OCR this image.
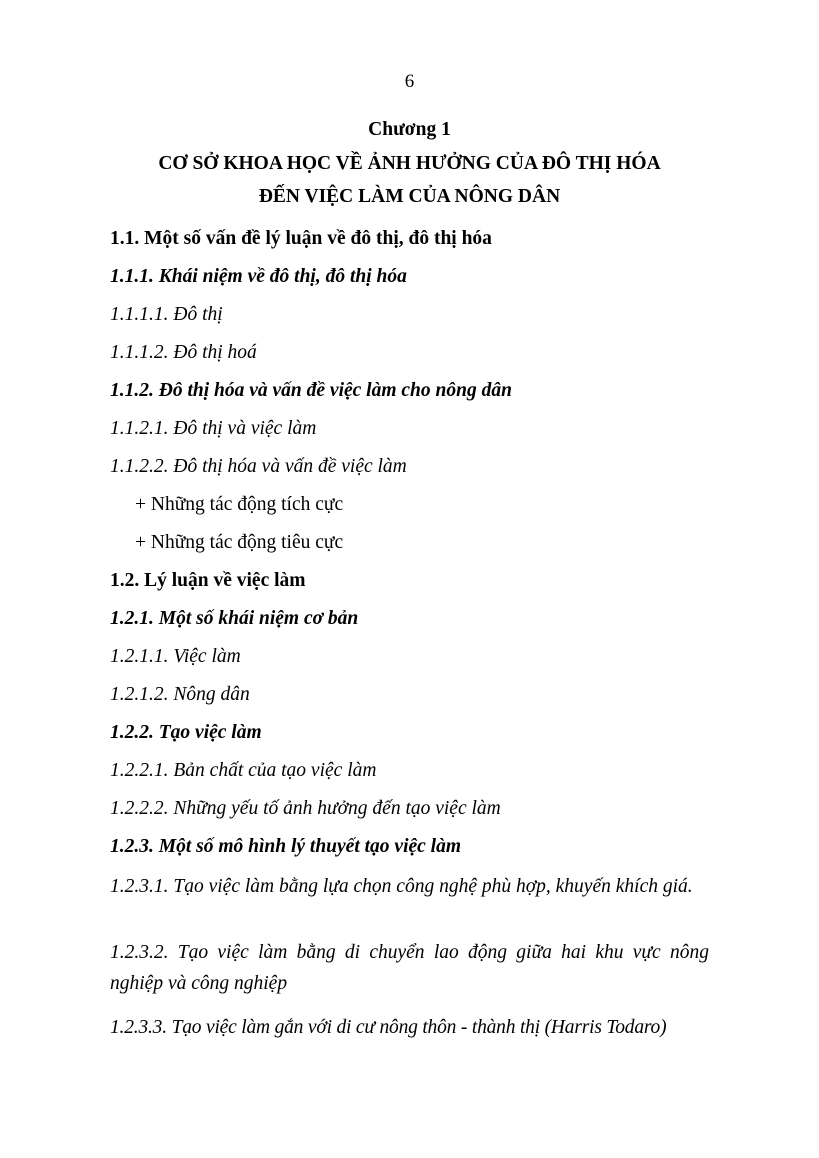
6
Chương 1
CƠ SỞ KHOA HỌC VỀ ẢNH HƯỞNG CỦA ĐÔ THỊ HÓA
ĐẾN VIỆC LÀM CỦA NÔNG DÂN
1.1. Một số vấn đề lý luận về đô thị, đô thị hóa
1.1.1. Khái niệm về đô thị, đô thị hóa
1.1.1.1. Đô thị
1.1.1.2. Đô thị hoá
1.1.2. Đô thị hóa và vấn đề việc làm cho nông dân
1.1.2.1. Đô thị và việc làm
1.1.2.2. Đô thị hóa và vấn đề việc làm
+ Những tác động tích cực
+ Những tác động tiêu cực
1.2. Lý luận về việc làm
1.2.1. Một số khái niệm cơ bản
1.2.1.1. Việc làm
1.2.1.2. Nông dân
1.2.2. Tạo việc làm
1.2.2.1. Bản chất của tạo việc làm
1.2.2.2. Những yếu tố ảnh hưởng đến tạo việc làm
1.2.3. Một số mô hình lý thuyết tạo việc làm
1.2.3.1. Tạo việc làm bằng lựa chọn công nghệ phù hợp, khuyến khích giá.
1.2.3.2. Tạo việc làm bằng di chuyển lao động giữa hai khu vực nông nghiệp và công nghiệp
1.2.3.3. Tạo việc làm gắn với di cư nông thôn - thành thị (Harris Todaro)
